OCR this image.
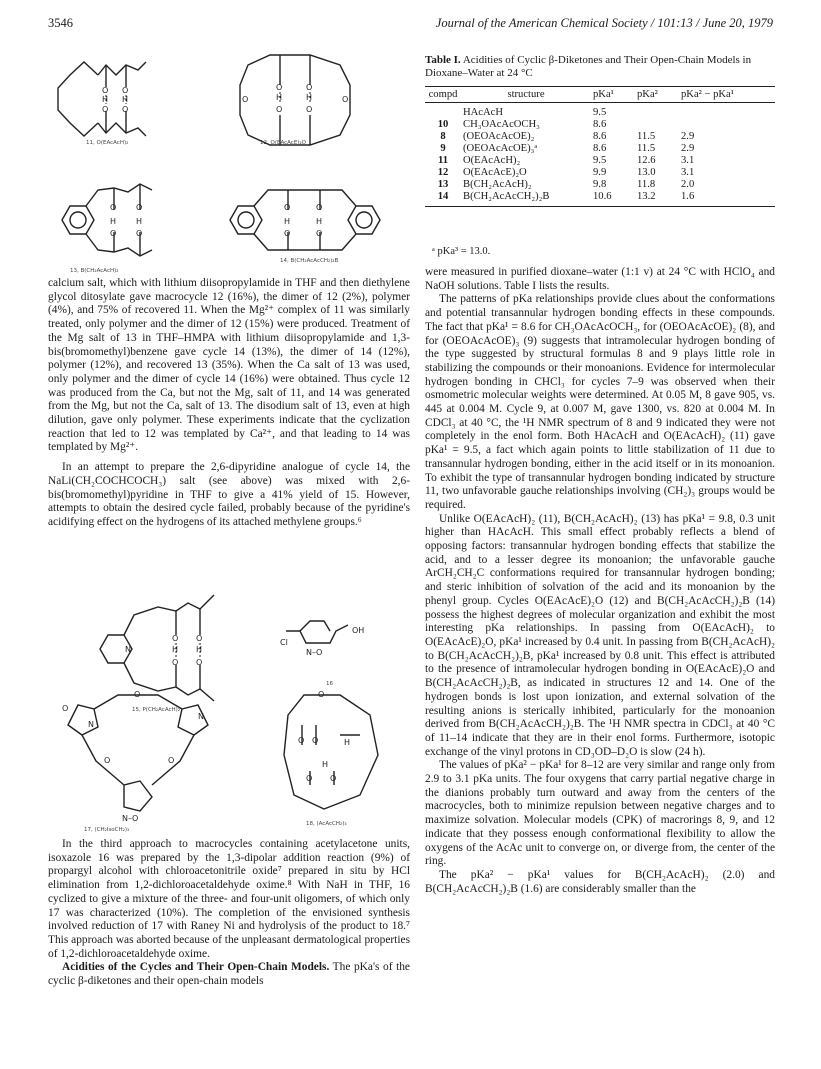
3546	Journal of the American Chemical Society / 101:13 / June 20, 1979
O O
H H
O O
O	O
H	H
O	O
O	O
O O
H H
O O
O	O
H	H
O	O
11, O(EAcAcH)₂	12, O(EAcAcE)₂O
13, B(CH₂AcAcH)₂
14, B(CH₂AcAcCH₂)₂B

calcium salt, which with lithium diisopropylamide in THF and then diethylene glycol ditosylate gave macrocycle 12 (16%), the dimer of 12 (2%), polymer (4%), and 75% of recovered 11. When the Mg²⁺ complex of 11 was similarly treated, only polymer and the dimer of 12 (15%) were produced. Treatment of the Mg salt of 13 in THF–HMPA with lithium diisopropylamide and 1,3-bis(bromomethyl)benzene gave cycle 14 (13%), the dimer of 14 (12%), polymer (12%), and recovered 13 (35%). When the Ca salt of 13 was used, only polymer and the dimer of cycle 14 (16%) were obtained. Thus cycle 12 was produced from the Ca, but not the Mg, salt of 11, and 14 was generated from the Mg, but not the Ca, salt of 13. The disodium salt of 13, even at high dilution, gave only polymer. These experiments indicate that the cyclization reaction that led to 12 was templated by Ca²⁺, and that leading to 14 was templated by Mg²⁺.

In an attempt to prepare the 2,6-dipyridine analogue of cycle 14, the NaLi(CH₂COCHCOCH₃) salt (see above) was mixed with 2,6-bis(bromomethyl)pyridine in THF to give a 41% yield of 15. However, attempts to obtain the desired cycle failed, probably because of the pyridine's acidifying effect on the hydrogens of its attached methylene groups.⁶

N
O O
H H
O O
Cl
N–O
OH
O
N
N
O
O	O
N–O
O
O O	H
H
O O
15, P(CH₂AcAcH)₂
16
17, (CH₂IsoCH₂)₃
18, (AcAcCH₂)₃

In the third approach to macrocycles containing acetylacetone units, isoxazole 16 was prepared by the 1,3-dipolar addition reaction (9%) of propargyl alcohol with chloroacetonitrile oxide⁷ prepared in situ by HCl elimination from 1,2-dichloroacetaldehyde oxime.⁸ With NaH in THF, 16 cyclized to give a mixture of the three- and four-unit oligomers, of which only 17 was characterized (10%). The completion of the envisioned synthesis involved reduction of 17 with Raney Ni and hydrolysis of the product to 18.⁷ This approach was aborted because of the unpleasant dermatological properties of 1,2-dichloroacetaldehyde oxime.

Acidities of the Cycles and Their Open-Chain Models. The pKa's of the cyclic β-diketones and their open-chain models

Table I. Acidities of Cyclic β-Diketones and Their Open-Chain Models in Dioxane–Water at 24 °C
compd	structure	pKa¹	pKa²	pKa² − pKa¹
	HAcAcH	9.5		
10	CH₃OAcAcOCH₃	8.6		
8	(OEOAcAcOE)₂	8.6	11.5	2.9
9	(OEOAcAcOE)₃ᵃ	8.6	11.5	2.9
11	O(EAcAcH)₂	9.5	12.6	3.1
12	O(EAcAcE)₂O	9.9	13.0	3.1
13	B(CH₂AcAcH)₂	9.8	11.8	2.0
14	B(CH₂AcAcCH₂)₂B	10.6	13.2	1.6
ᵃ pKa³ = 13.0.

were measured in purified dioxane–water (1:1 v) at 24 °C with HClO₄ and NaOH solutions. Table I lists the results.

The patterns of pKa relationships provide clues about the conformations and potential transannular hydrogen bonding effects in these compounds. The fact that pKa¹ = 8.6 for CH₃OAcAcOCH₃, for (OEOAcAcOE)₂ (8), and for (OEOAcAcOE)₃ (9) suggests that intramolecular hydrogen bonding of the type suggested by structural formulas 8 and 9 plays little role in stabilizing the compounds or their monoanions. Evidence for intermolecular hydrogen bonding in CHCl₃ for cycles 7–9 was observed when their osmometric molecular weights were determined. At 0.05 M, 8 gave 905, vs. 445 at 0.004 M. Cycle 9, at 0.007 M, gave 1300, vs. 820 at 0.004 M. In CDCl₃ at 40 °C, the ¹H NMR spectrum of 8 and 9 indicated they were not completely in the enol form. Both HAcAcH and O(EAcAcH)₂ (11) gave pKa¹ = 9.5, a fact which again points to little stabilization of 11 due to transannular hydrogen bonding, either in the acid itself or in its monoanion. To exhibit the type of transannular hydrogen bonding indicated by structure 11, two unfavorable gauche relationships involving (CH₂)₃ groups would be required.

Unlike O(EAcAcH)₂ (11), B(CH₂AcAcH)₂ (13) has pKa¹ = 9.8, 0.3 unit higher than HAcAcH. This small effect probably reflects a blend of opposing factors: transannular hydrogen bonding effects that stabilize the acid, and to a lesser degree its monoanion; the unfavorable gauche ArCH₂CH₂C conformations required for transannular hydrogen bonding; and steric inhibition of solvation of the acid and its monoanion by the phenyl group. Cycles O(EAcAcE)₂O (12) and B(CH₂AcAcCH₂)₂B (14) possess the highest degrees of molecular organization and exhibit the most interesting pKa relationships. In passing from O(EAcAcH)₂ to O(EAcAcE)₂O, pKa¹ increased by 0.4 unit. In passing from B(CH₂AcAcH)₂ to B(CH₂AcAcCH₂)₂B, pKa¹ increased by 0.8 unit. This effect is attributed to the presence of intramolecular hydrogen bonding in O(EAcAcE)₂O and B(CH₂AcAcCH₂)₂B, as indicated in structures 12 and 14. One of the hydrogen bonds is lost upon ionization, and external solvation of the resulting anions is sterically inhibited, particularly for the monoanion derived from B(CH₂AcAcCH₂)₂B. The ¹H NMR spectra in CDCl₃ at 40 °C of 11–14 indicate that they are in their enol forms. Furthermore, isotopic exchange of the vinyl protons in CD₃OD–D₂O is slow (24 h).

The values of pKa² − pKa¹ for 8–12 are very similar and range only from 2.9 to 3.1 pKa units. The four oxygens that carry partial negative charge in the dianions probably turn outward and away from the centers of the macrocycles, both to minimize repulsion between negative charges and to maximize solvation. Molecular models (CPK) of macrorings 8, 9, and 12 indicate that they possess enough conformational flexibility to allow the oxygens of the AcAc unit to converge on, or diverge from, the center of the ring.

The pKa² − pKa¹ values for B(CH₂AcAcH)₂ (2.0) and B(CH₂AcAcCH₂)₂B (1.6) are considerably smaller than the
